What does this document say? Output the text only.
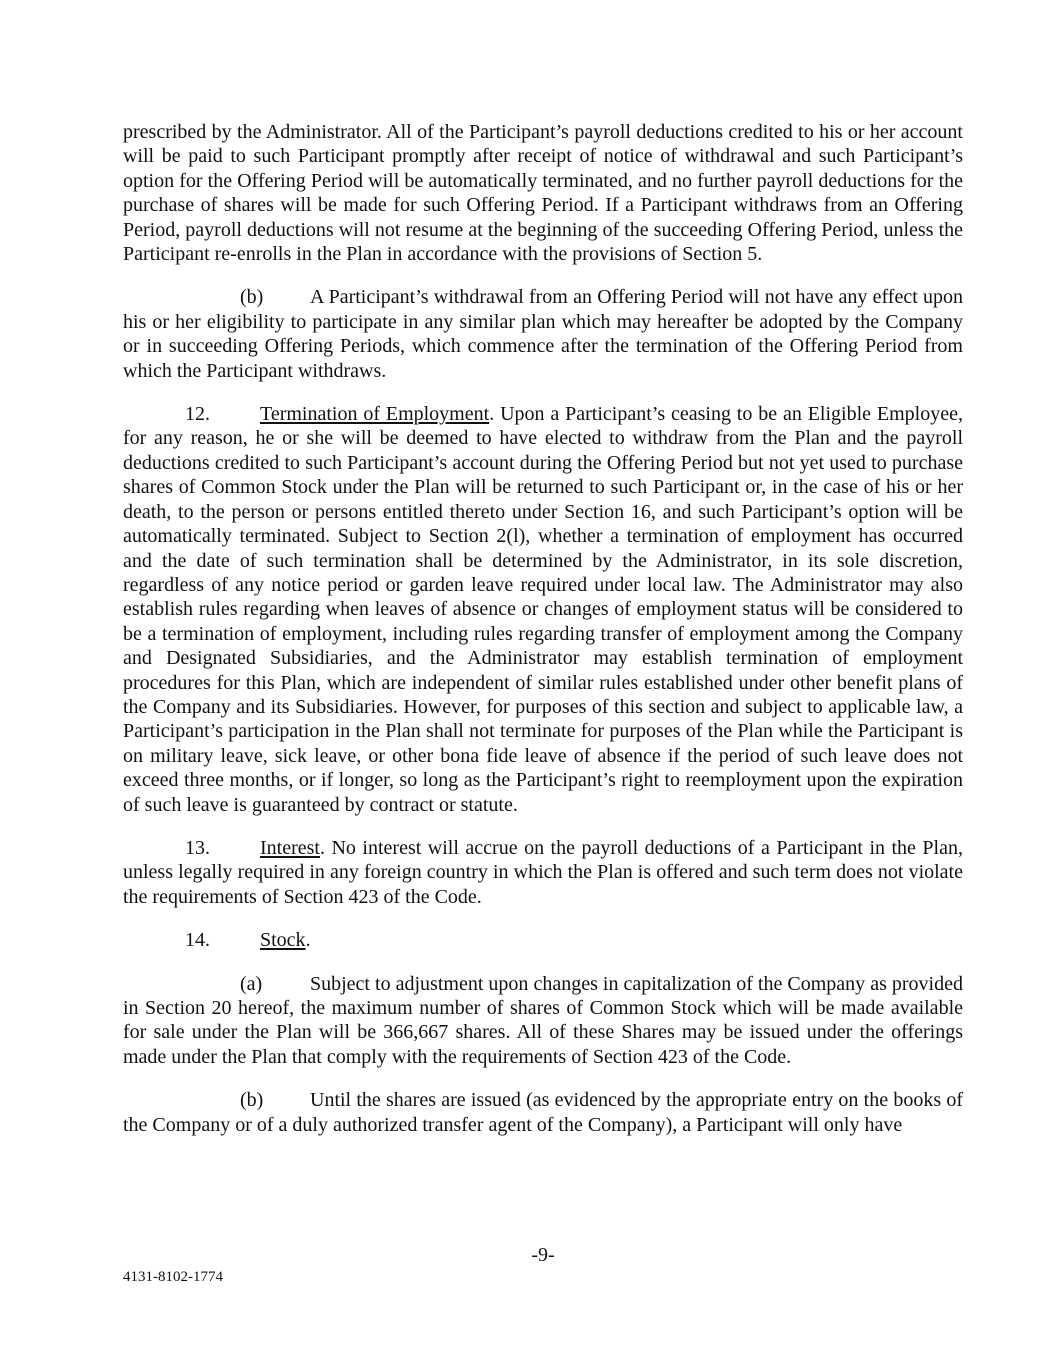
prescribed by the Administrator. All of the Participant’s payroll deductions credited to his or her account will be paid to such Participant promptly after receipt of notice of withdrawal and such Participant’s option for the Offering Period will be automatically terminated, and no further payroll deductions for the purchase of shares will be made for such Offering Period. If a Participant withdraws from an Offering Period, payroll deductions will not resume at the beginning of the succeeding Offering Period, unless the Participant re-enrolls in the Plan in accordance with the provisions of Section 5.

(b) A Participant’s withdrawal from an Offering Period will not have any effect upon his or her eligibility to participate in any similar plan which may hereafter be adopted by the Company or in succeeding Offering Periods, which commence after the termination of the Offering Period from which the Participant withdraws.

12.	Termination of Employment. Upon a Participant’s ceasing to be an Eligible Employee, for any reason, he or she will be deemed to have elected to withdraw from the Plan and the payroll deductions credited to such Participant’s account during the Offering Period but not yet used to purchase shares of Common Stock under the Plan will be returned to such Participant or, in the case of his or her death, to the person or persons entitled thereto under Section 16, and such Participant’s option will be automatically terminated. Subject to Section 2(l), whether a termination of employment has occurred and the date of such termination shall be determined by the Administrator, in its sole discretion, regardless of any notice period or garden leave required under local law. The Administrator may also establish rules regarding when leaves of absence or changes of employment status will be considered to be a termination of employment, including rules regarding transfer of employment among the Company and Designated Subsidiaries, and the Administrator may establish termination of employment procedures for this Plan, which are independent of similar rules established under other benefit plans of the Company and its Subsidiaries. However, for purposes of this section and subject to applicable law, a Participant’s participation in the Plan shall not terminate for purposes of the Plan while the Participant is on military leave, sick leave, or other bona fide leave of absence if the period of such leave does not exceed three months, or if longer, so long as the Participant’s right to reemployment upon the expiration of such leave is guaranteed by contract or statute.

13.	Interest. No interest will accrue on the payroll deductions of a Participant in the Plan, unless legally required in any foreign country in which the Plan is offered and such term does not violate the requirements of Section 423 of the Code.

14.	Stock.

(a) Subject to adjustment upon changes in capitalization of the Company as provided in Section 20 hereof, the maximum number of shares of Common Stock which will be made available for sale under the Plan will be 366,667 shares. All of these Shares may be issued under the offerings made under the Plan that comply with the requirements of Section 423 of the Code.

(b) Until the shares are issued (as evidenced by the appropriate entry on the books of the Company or of a duly authorized transfer agent of the Company), a Participant will only have

-9-
4131-8102-1774
